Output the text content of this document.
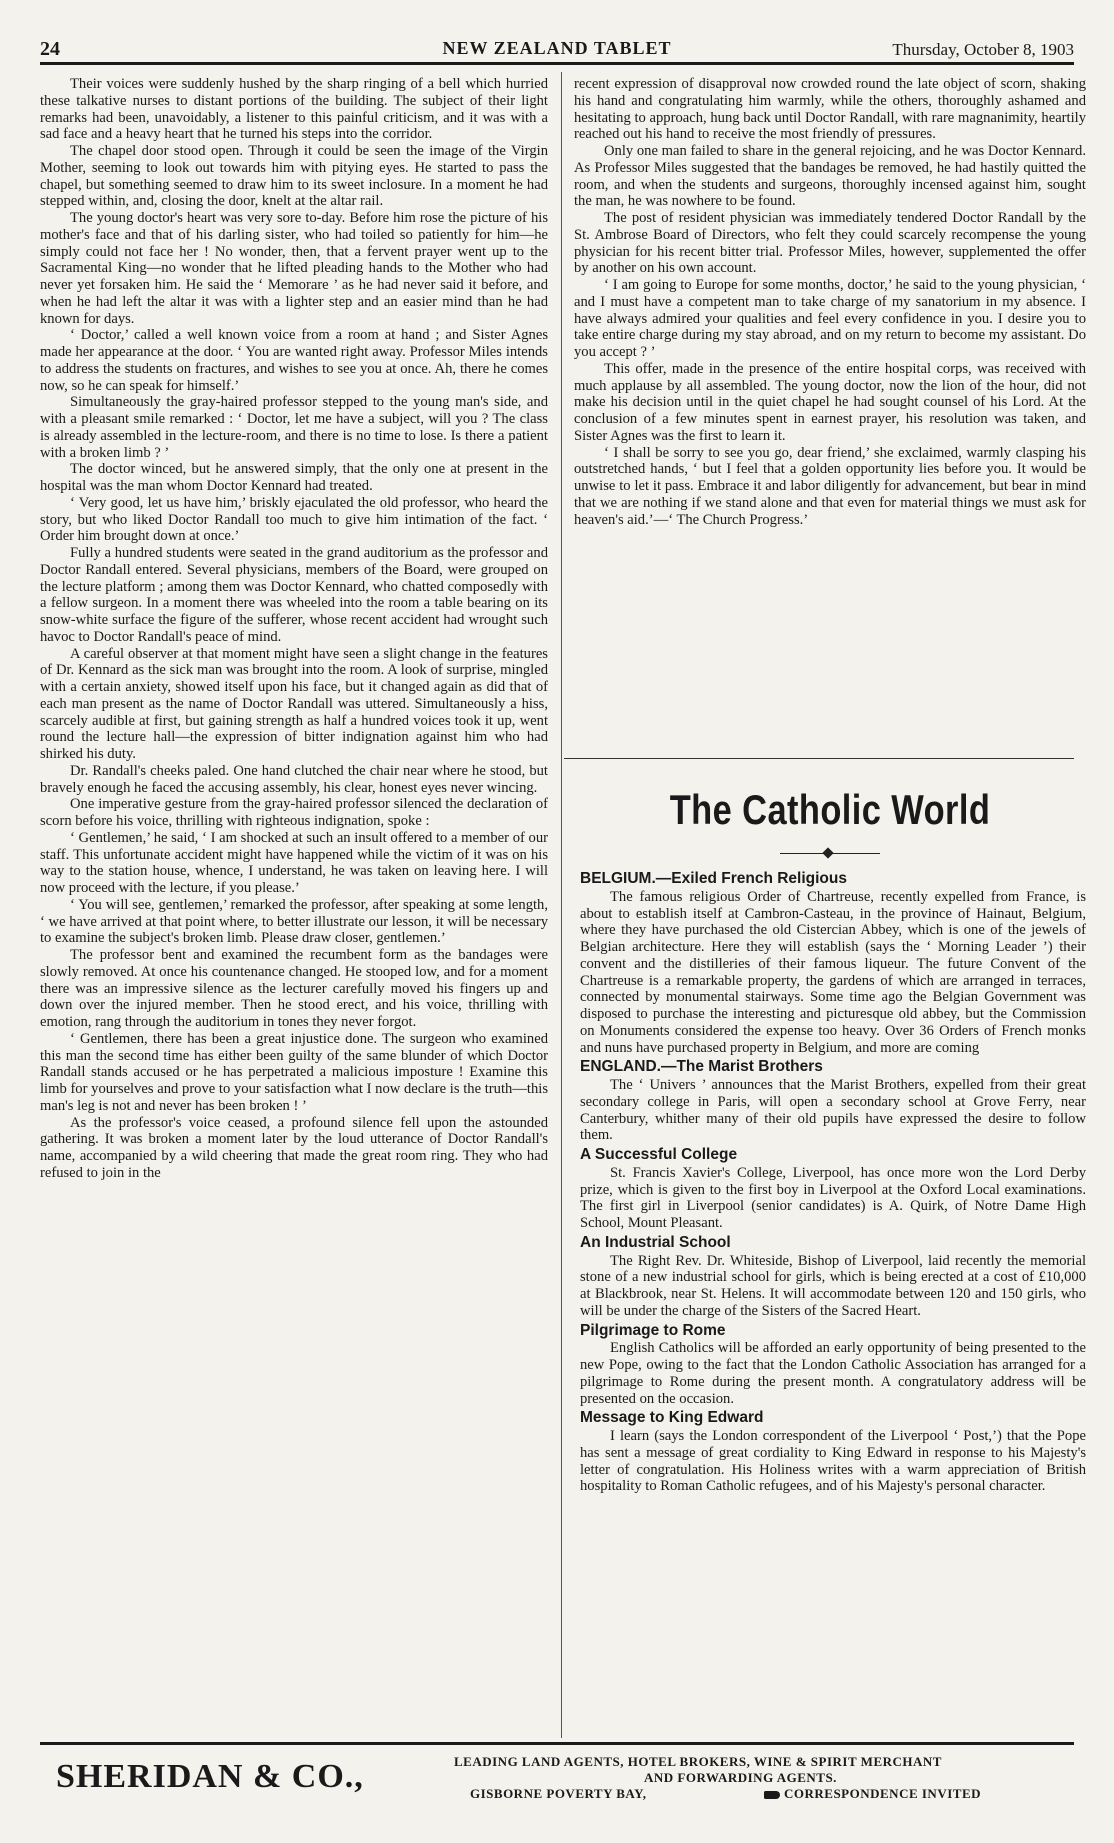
24	NEW ZEALAND TABLET	Thursday, October 8, 1903

Their voices were suddenly hushed by the sharp ringing of a bell which hurried these talkative nurses to distant portions of the building. The subject of their light remarks had been, unavoidably, a listener to this painful criticism, and it was with a sad face and a heavy heart that he turned his steps into the corridor.

The chapel door stood open. Through it could be seen the image of the Virgin Mother, seeming to look out towards him with pitying eyes. He started to pass the chapel, but something seemed to draw him to its sweet inclosure. In a moment he had stepped within, and, closing the door, knelt at the altar rail.

The young doctor's heart was very sore to-day. Before him rose the picture of his mother's face and that of his darling sister, who had toiled so patiently for him—he simply could not face her ! No wonder, then, that a fervent prayer went up to the Sacramental King—no wonder that he lifted pleading hands to the Mother who had never yet forsaken him. He said the ‘ Memorare ’ as he had never said it before, and when he had left the altar it was with a lighter step and an easier mind than he had known for days.

‘ Doctor,’ called a well known voice from a room at hand ; and Sister Agnes made her appearance at the door. ‘ You are wanted right away. Professor Miles intends to address the students on fractures, and wishes to see you at once. Ah, there he comes now, so he can speak for himself.’

Simultaneously the gray-haired professor stepped to the young man's side, and with a pleasant smile remarked : ‘ Doctor, let me have a subject, will you ? The class is already assembled in the lecture-room, and there is no time to lose. Is there a patient with a broken limb ? ’

The doctor winced, but he answered simply, that the only one at present in the hospital was the man whom Doctor Kennard had treated.

‘ Very good, let us have him,’ briskly ejaculated the old professor, who heard the story, but who liked Doctor Randall too much to give him intimation of the fact. ‘ Order him brought down at once.’

Fully a hundred students were seated in the grand auditorium as the professor and Doctor Randall entered. Several physicians, members of the Board, were grouped on the lecture platform ; among them was Doctor Kennard, who chatted composedly with a fellow surgeon. In a moment there was wheeled into the room a table bearing on its snow-white surface the figure of the sufferer, whose recent accident had wrought such havoc to Doctor Randall's peace of mind.

A careful observer at that moment might have seen a slight change in the features of Dr. Kennard as the sick man was brought into the room. A look of surprise, mingled with a certain anxiety, showed itself upon his face, but it changed again as did that of each man present as the name of Doctor Randall was uttered. Simultaneously a hiss, scarcely audible at first, but gaining strength as half a hundred voices took it up, went round the lecture hall—the expression of bitter indignation against him who had shirked his duty.

Dr. Randall's cheeks paled. One hand clutched the chair near where he stood, but bravely enough he faced the accusing assembly, his clear, honest eyes never wincing.

One imperative gesture from the gray-haired professor silenced the declaration of scorn before his voice, thrilling with righteous indignation, spoke :

‘ Gentlemen,’ he said, ‘ I am shocked at such an insult offered to a member of our staff. This unfortunate accident might have happened while the victim of it was on his way to the station house, whence, I understand, he was taken on leaving here. I will now proceed with the lecture, if you please.’

‘ You will see, gentlemen,’ remarked the professor, after speaking at some length, ‘ we have arrived at that point where, to better illustrate our lesson, it will be necessary to examine the subject's broken limb. Please draw closer, gentlemen.’

The professor bent and examined the recumbent form as the bandages were slowly removed. At once his countenance changed. He stooped low, and for a moment there was an impressive silence as the lecturer carefully moved his fingers up and down over the injured member. Then he stood erect, and his voice, thrilling with emotion, rang through the auditorium in tones they never forgot.

‘ Gentlemen, there has been a great injustice done. The surgeon who examined this man the second time has either been guilty of the same blunder of which Doctor Randall stands accused or he has perpetrated a malicious imposture ! Examine this limb for yourselves and prove to your satisfaction what I now declare is the truth—this man's leg is not and never has been broken ! ’

As the professor's voice ceased, a profound silence fell upon the astounded gathering. It was broken a moment later by the loud utterance of Doctor Randall's name, accompanied by a wild cheering that made the great room ring. They who had refused to join in the

recent expression of disapproval now crowded round the late object of scorn, shaking his hand and congratulating him warmly, while the others, thoroughly ashamed and hesitating to approach, hung back until Doctor Randall, with rare magnanimity, heartily reached out his hand to receive the most friendly of pressures.

Only one man failed to share in the general rejoicing, and he was Doctor Kennard. As Professor Miles suggested that the bandages be removed, he had hastily quitted the room, and when the students and surgeons, thoroughly incensed against him, sought the man, he was nowhere to be found.

The post of resident physician was immediately tendered Doctor Randall by the St. Ambrose Board of Directors, who felt they could scarcely recompense the young physician for his recent bitter trial. Professor Miles, however, supplemented the offer by another on his own account.

‘ I am going to Europe for some months, doctor,’ he said to the young physician, ‘ and I must have a competent man to take charge of my sanatorium in my absence. I have always admired your qualities and feel every confidence in you. I desire you to take entire charge during my stay abroad, and on my return to become my assistant. Do you accept ? ’

This offer, made in the presence of the entire hospital corps, was received with much applause by all assembled. The young doctor, now the lion of the hour, did not make his decision until in the quiet chapel he had sought counsel of his Lord. At the conclusion of a few minutes spent in earnest prayer, his resolution was taken, and Sister Agnes was the first to learn it.

‘ I shall be sorry to see you go, dear friend,’ she exclaimed, warmly clasping his outstretched hands, ‘ but I feel that a golden opportunity lies before you. It would be unwise to let it pass. Embrace it and labor diligently for advancement, but bear in mind that we are nothing if we stand alone and that even for material things we must ask for heaven's aid.’—‘ The Church Progress.’

The Catholic World
BELGIUM.—Exiled French Religious

The famous religious Order of Chartreuse, recently expelled from France, is about to establish itself at Cambron-Casteau, in the province of Hainaut, Belgium, where they have purchased the old Cistercian Abbey, which is one of the jewels of Belgian architecture. Here they will establish (says the ‘ Morning Leader ’) their convent and the distilleries of their famous liqueur. The future Convent of the Chartreuse is a remarkable property, the gardens of which are arranged in terraces, connected by monumental stairways. Some time ago the Belgian Government was disposed to purchase the interesting and picturesque old abbey, but the Commission on Monuments considered the expense too heavy. Over 36 Orders of French monks and nuns have purchased property in Belgium, and more are coming

ENGLAND.—The Marist Brothers

The ‘ Univers ’ announces that the Marist Brothers, expelled from their great secondary college in Paris, will open a secondary school at Grove Ferry, near Canterbury, whither many of their old pupils have expressed the desire to follow them.

A Successful College

St. Francis Xavier's College, Liverpool, has once more won the Lord Derby prize, which is given to the first boy in Liverpool at the Oxford Local examinations. The first girl in Liverpool (senior candidates) is A. Quirk, of Notre Dame High School, Mount Pleasant.

An Industrial School

The Right Rev. Dr. Whiteside, Bishop of Liverpool, laid recently the memorial stone of a new industrial school for girls, which is being erected at a cost of £10,000 at Blackbrook, near St. Helens. It will accommodate between 120 and 150 girls, who will be under the charge of the Sisters of the Sacred Heart.

Pilgrimage to Rome

English Catholics will be afforded an early opportunity of being presented to the new Pope, owing to the fact that the London Catholic Association has arranged for a pilgrimage to Rome during the present month. A congratulatory address will be presented on the occasion.

Message to King Edward

I learn (says the London correspondent of the Liverpool ‘ Post,’) that the Pope has sent a message of great cordiality to King Edward in response to his Majesty's letter of congratulation. His Holiness writes with a warm appreciation of British hospitality to Roman Catholic refugees, and of his Majesty's personal character.

SHERIDAN & CO.,	LEADING LAND AGENTS, HOTEL BROKERS, WINE & SPIRIT MERCHANT
AND FORWARDING AGENTS.
GISBORNE POVERTY BAY,	CORRESPONDENCE INVITED
